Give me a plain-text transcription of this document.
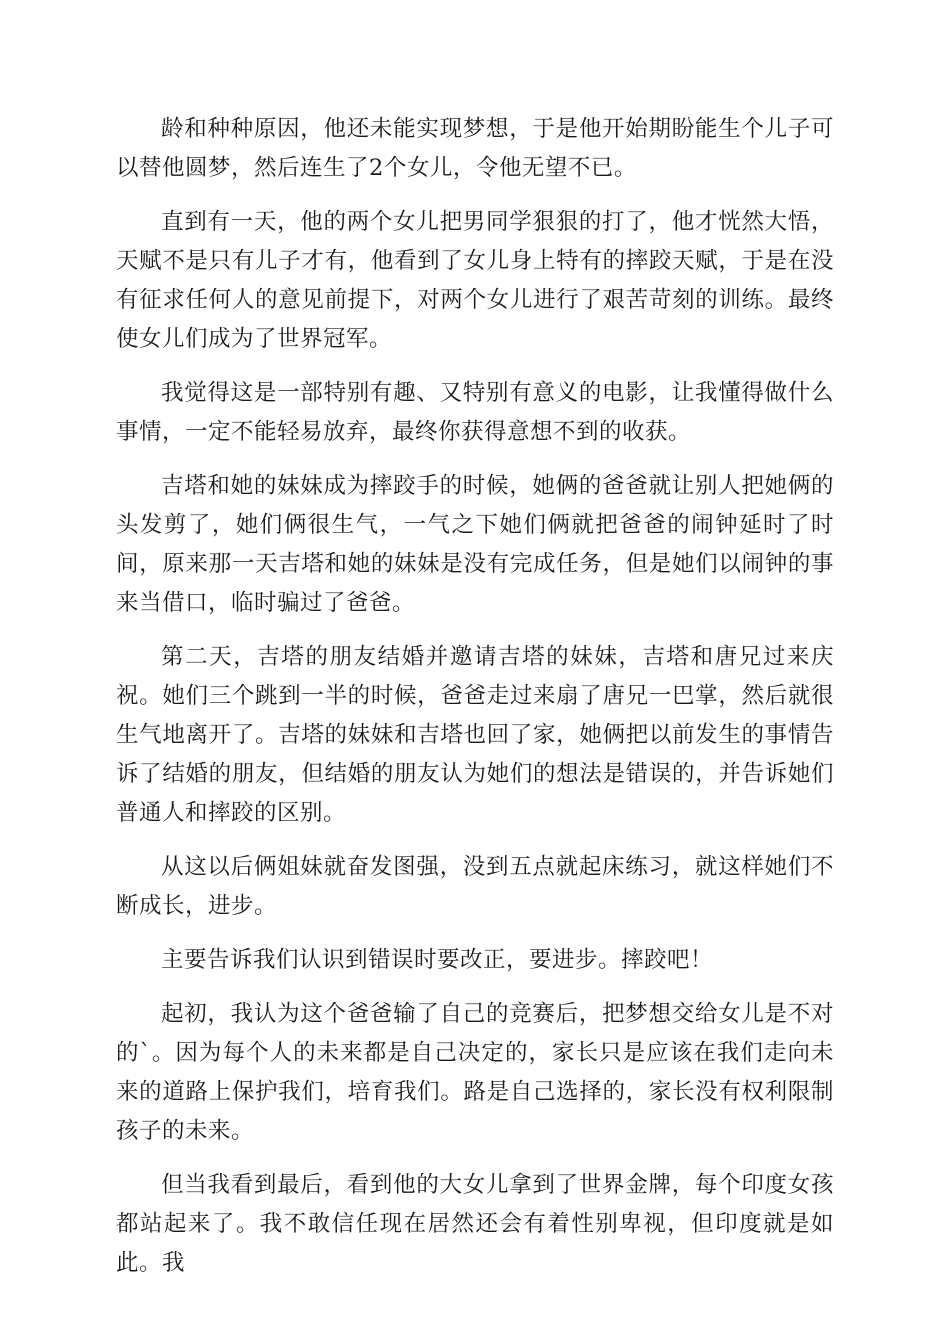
龄和种种原因，他还未能实现梦想，于是他开始期盼能生个儿子可以替他圆梦，然后连生了2个女儿，令他无望不已。

直到有一天，他的两个女儿把男同学狠狠的打了，他才恍然大悟，天赋不是只有儿子才有，他看到了女儿身上特有的摔跤天赋，于是在没有征求任何人的意见前提下，对两个女儿进行了艰苦苛刻的训练。最终使女儿们成为了世界冠军。

我觉得这是一部特别有趣、又特别有意义的电影，让我懂得做什么事情，一定不能轻易放弃，最终你获得意想不到的收获。

吉塔和她的妹妹成为摔跤手的时候，她俩的爸爸就让别人把她俩的头发剪了，她们俩很生气，一气之下她们俩就把爸爸的闹钟延时了时间，原来那一天吉塔和她的妹妹是没有完成任务，但是她们以闹钟的事来当借口，临时骗过了爸爸。

第二天，吉塔的朋友结婚并邀请吉塔的妹妹，吉塔和唐兄过来庆祝。她们三个跳到一半的时候，爸爸走过来扇了唐兄一巴掌，然后就很生气地离开了。吉塔的妹妹和吉塔也回了家，她俩把以前发生的事情告诉了结婚的朋友，但结婚的朋友认为她们的想法是错误的，并告诉她们普通人和摔跤的区别。

从这以后俩姐妹就奋发图强，没到五点就起床练习，就这样她们不断成长，进步。

主要告诉我们认识到错误时要改正，要进步。摔跤吧！

起初，我认为这个爸爸输了自己的竞赛后，把梦想交给女儿是不对的`。因为每个人的未来都是自己决定的，家长只是应该在我们走向未来的道路上保护我们，培育我们。路是自己选择的，家长没有权利限制孩子的未来。

但当我看到最后，看到他的大女儿拿到了世界金牌，每个印度女孩都站起来了。我不敢信任现在居然还会有着性别卑视，但印度就是如此。我
